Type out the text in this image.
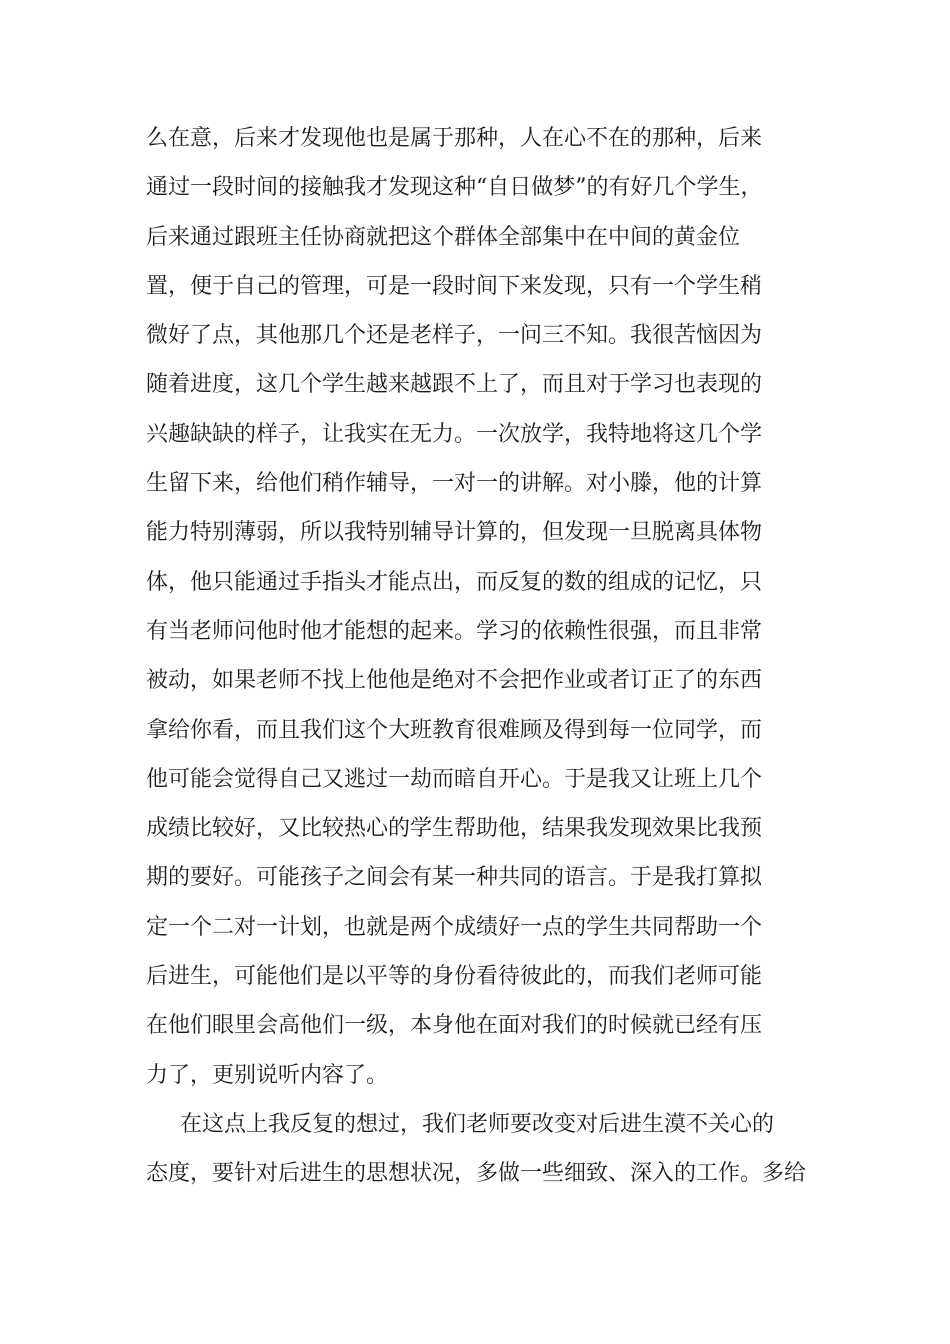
么在意，后来才发现他也是属于那种，人在心不在的那种，后来
通过一段时间的接触我才发现这种“自日做梦”的有好几个学生，
后来通过跟班主任协商就把这个群体全部集中在中间的黄金位
置，便于自己的管理，可是一段时间下来发现，只有一个学生稍
微好了点，其他那几个还是老样子，一问三不知。我很苦恼因为
随着进度，这几个学生越来越跟不上了，而且对于学习也表现的
兴趣缺缺的样子，让我实在无力。一次放学，我特地将这几个学
生留下来，给他们稍作辅导，一对一的讲解。对小滕，他的计算
能力特别薄弱，所以我特别辅导计算的，但发现一旦脱离具体物
体，他只能通过手指头才能点出，而反复的数的组成的记忆，只
有当老师问他时他才能想的起来。学习的依赖性很强，而且非常
被动，如果老师不找上他他是绝对不会把作业或者订正了的东西
拿给你看，而且我们这个大班教育很难顾及得到每一位同学，而
他可能会觉得自己又逃过一劫而暗自开心。于是我又让班上几个
成绩比较好，又比较热心的学生帮助他，结果我发现效果比我预
期的要好。可能孩子之间会有某一种共同的语言。于是我打算拟
定一个二对一计划，也就是两个成绩好一点的学生共同帮助一个
后进生，可能他们是以平等的身份看待彼此的，而我们老师可能
在他们眼里会高他们一级，本身他在面对我们的时候就已经有压
力了，更别说听内容了。
在这点上我反复的想过，我们老师要改变对后进生漠不关心的
态度，要针对后进生的思想状况，多做一些细致、深入的工作。多给
